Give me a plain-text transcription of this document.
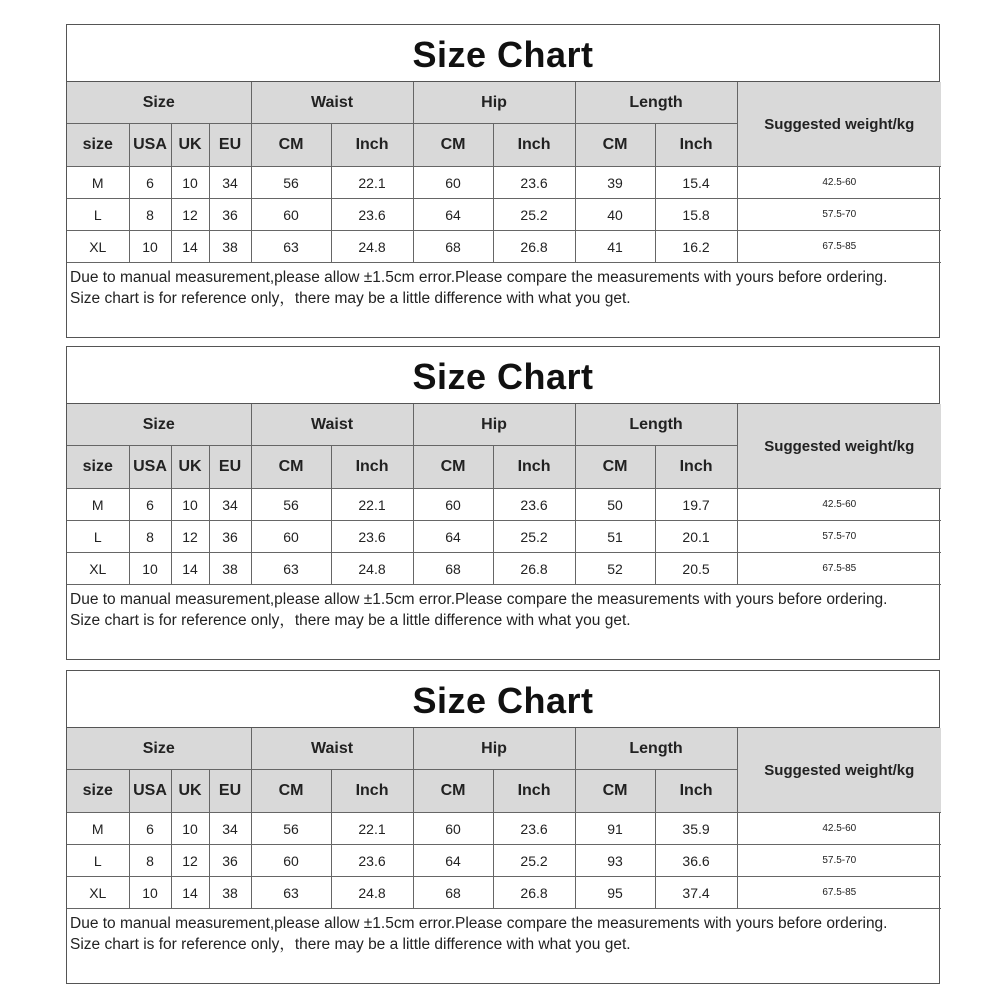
Size Chart
Size				Waist		Hip		Length		Suggested weight/kg
size	USA	UK	EU	CM	Inch	CM	Inch	CM	Inch	
M	6	10	34	56	22.1	60	23.6	39	15.4	42.5-60
L	8	12	36	60	23.6	64	25.2	40	15.8	57.5-70
XL	10	14	38	63	24.8	68	26.8	41	16.2	67.5-85
Due to manual measurement,please allow ±1.5cm error.Please compare the measurements with yours before ordering.
Size chart is for reference only，there may be a little difference with what you get.
Size Chart
Size				Waist		Hip		Length		Suggested weight/kg
size	USA	UK	EU	CM	Inch	CM	Inch	CM	Inch	
M	6	10	34	56	22.1	60	23.6	50	19.7	42.5-60
L	8	12	36	60	23.6	64	25.2	51	20.1	57.5-70
XL	10	14	38	63	24.8	68	26.8	52	20.5	67.5-85
Due to manual measurement,please allow ±1.5cm error.Please compare the measurements with yours before ordering.
Size chart is for reference only，there may be a little difference with what you get.
Size Chart
Size				Waist		Hip		Length		Suggested weight/kg
size	USA	UK	EU	CM	Inch	CM	Inch	CM	Inch	
M	6	10	34	56	22.1	60	23.6	91	35.9	42.5-60
L	8	12	36	60	23.6	64	25.2	93	36.6	57.5-70
XL	10	14	38	63	24.8	68	26.8	95	37.4	67.5-85
Due to manual measurement,please allow ±1.5cm error.Please compare the measurements with yours before ordering.
Size chart is for reference only，there may be a little difference with what you get.
